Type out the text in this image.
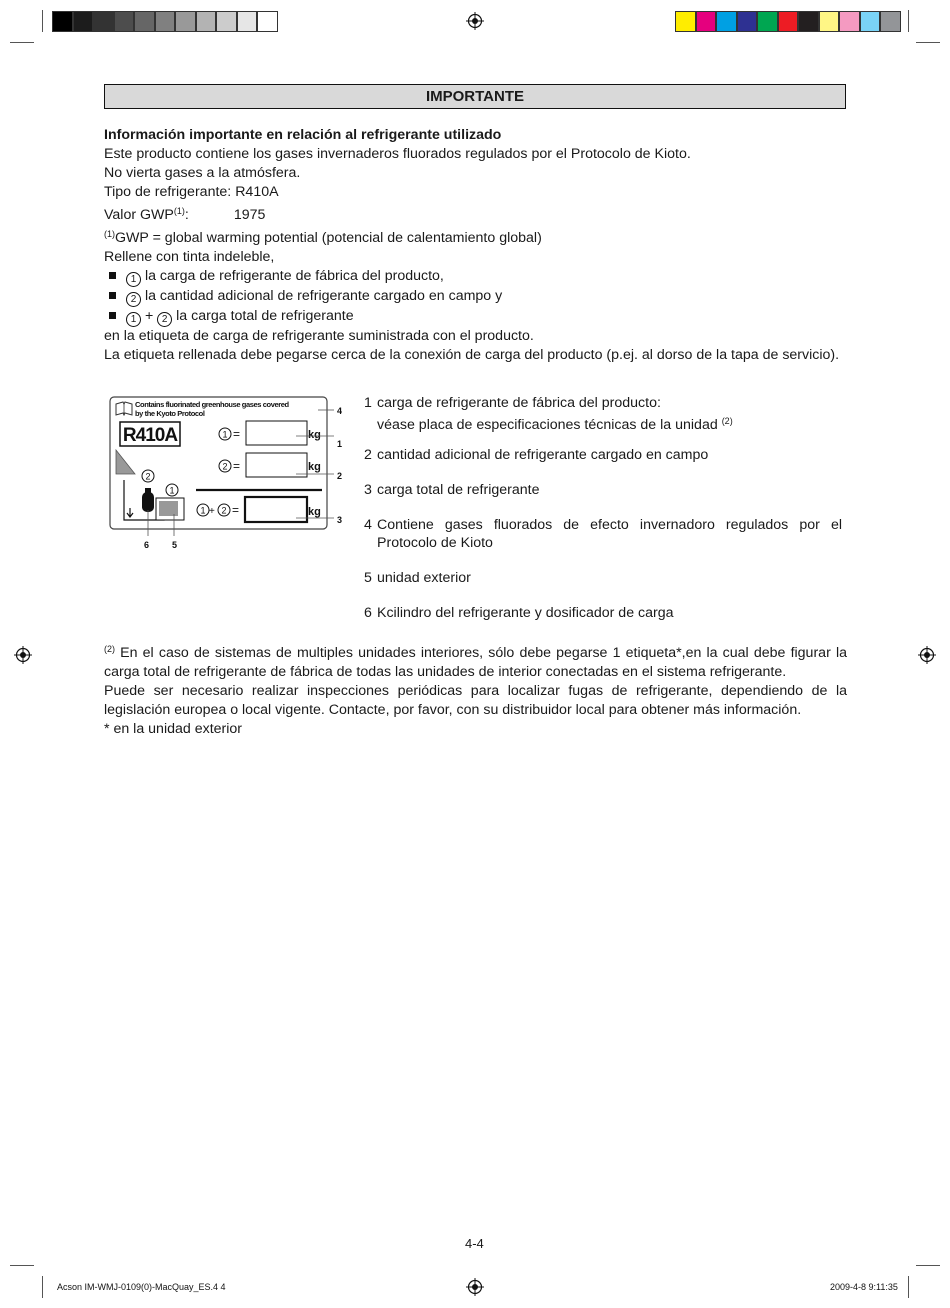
IMPORTANTE
Información importante en relación al refrigerante utilizado
Este producto contiene los gases invernaderos fluorados regulados por el Protocolo de Kioto.
No vierta gases a la atmósfera.
Tipo de refrigerante: R410A
Valor GWP$^{(1)}$:	1975
$^{(1)}$GWP = global warming potential (potencial de calentamiento global)
Rellene con tinta indeleble,
1 la carga de refrigerante de fábrica del producto,
2 la cantidad adicional de refrigerante cargado en campo y
1 + 2 la carga total de refrigerante
en la etiqueta de carga de refrigerante suministrada con el producto.
La etiqueta rellenada debe pegarse cerca de la conexión de carga del producto (p.ej. al dorso de la tapa de servicio).
Contains fluorinated greenhouse gases covered
by the Kyoto Protocol
R410A	1 =	kg
2 =	kg
1 + 2 =	kg
2
1
4
1
2
3
6	5
1 carga de refrigerante de fábrica del producto:
véase placa de especificaciones técnicas de la unidad $^{(2)}$
2 cantidad adicional de refrigerante cargado en campo
3 carga total de refrigerante
4 Contiene gases fluorados de efecto invernadoro regulados por el Protocolo de Kioto
5 unidad exterior
6 Kcilindro del refrigerante y dosificador de carga
$^{(2)}$ En el caso de sistemas de multiples unidades interiores, sólo debe pegarse 1 etiqueta*,en la cual debe figurar la carga total de refrigerante de fábrica de todas las unidades de interior conectadas en el sistema refrigerante.
Puede ser necesario realizar inspecciones periódicas para localizar fugas de refrigerante, dependiendo de la legislación europea o local vigente. Contacte, por favor, con su distribuidor local para obtener más información.
* en la unidad exterior
4-4
Acson IM-WMJ-0109(0)-MacQuay_ES.4 4	2009-4-8 9:11:35
